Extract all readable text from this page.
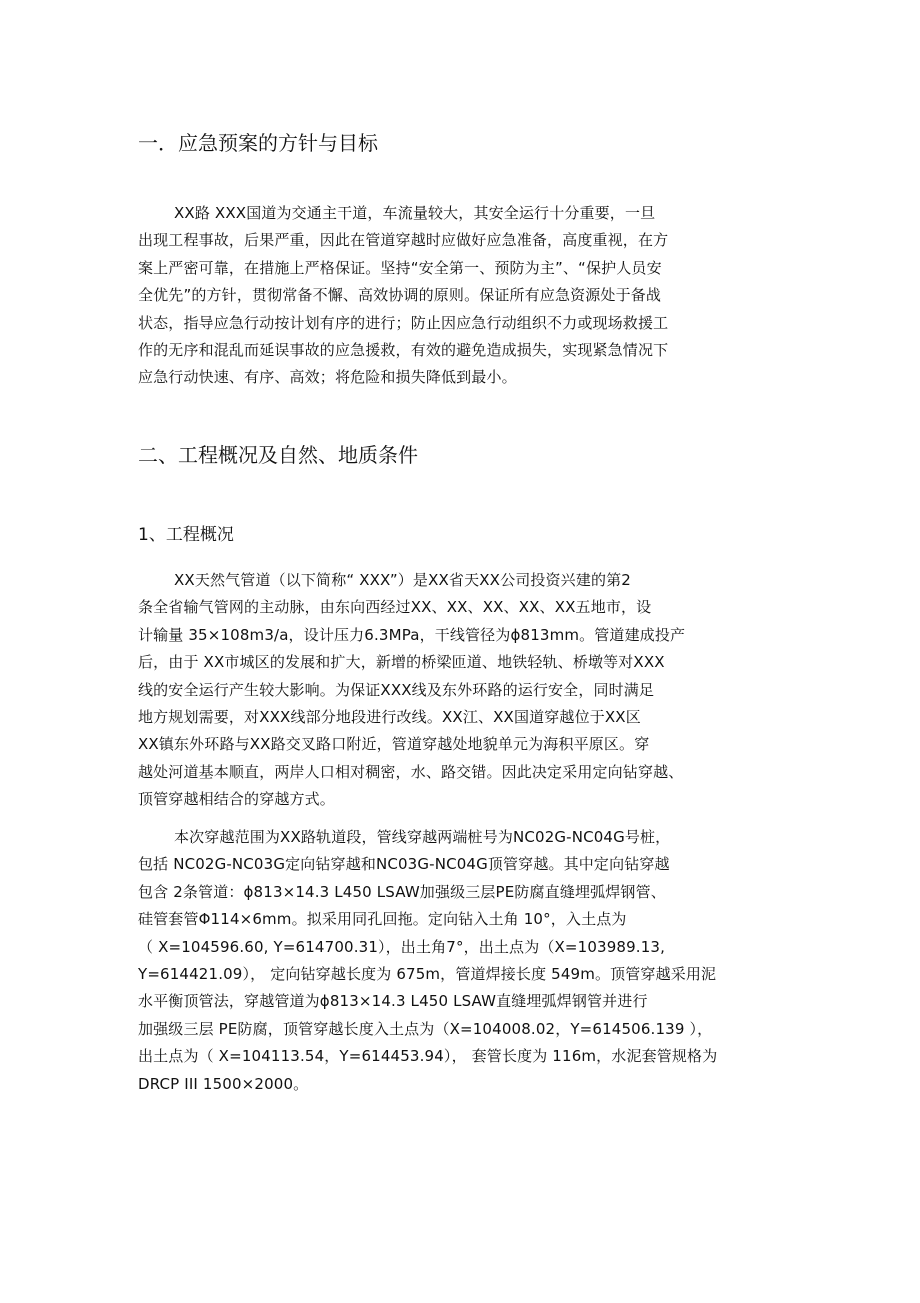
一．应急预案的方针与目标
XX路 XXX国道为交通主干道，车流量较大，其安全运行十分重要，一旦
出现工程事故，后果严重，因此在管道穿越时应做好应急准备，高度重视，在方
案上严密可靠，在措施上严格保证。坚持“安全第一、预防为主”、“保护人员安
全优先”的方针，贯彻常备不懈、高效协调的原则。保证所有应急资源处于备战
状态，指导应急行动按计划有序的进行；防止因应急行动组织不力或现场救援工
作的无序和混乱而延误事故的应急援救，有效的避免造成损失，实现紧急情况下
应急行动快速、有序、高效；将危险和损失降低到最小。
二、工程概况及自然、地质条件
1、工程概况
XX天然气管道（以下简称“ XXX”）是XX省天XX公司投资兴建的第2
条全省输气管网的主动脉，由东向西经过XX、XX、XX、XX、XX五地市，设
计输量 35×108m3/a，设计压力6.3MPa，干线管径为ϕ813mm。管道建成投产
后，由于 XX市城区的发展和扩大，新增的桥梁匝道、地铁轻轨、桥墩等对XXX
线的安全运行产生较大影响。为保证XXX线及东外环路的运行安全，同时满足
地方规划需要，对XXX线部分地段进行改线。XX江、XX国道穿越位于XX区
XX镇东外环路与XX路交叉路口附近，管道穿越处地貌单元为海积平原区。穿
越处河道基本顺直，两岸人口相对稠密，水、路交错。因此决定采用定向钻穿越、
顶管穿越相结合的穿越方式。
本次穿越范围为XX路轨道段，管线穿越两端桩号为NC02G-NC04G号桩，
包括 NC02G-NC03G定向钻穿越和NC03G-NC04G顶管穿越。其中定向钻穿越
包含 2条管道：ϕ813×14.3 L450 LSAW加强级三层PE防腐直缝埋弧焊钢管、
硅管套管Φ114×6mm。拟采用同孔回拖。定向钻入土角 10°，入土点为
（ X=104596.60, Y=614700.31），出土角7°，出土点为（X=103989.13,
Y=614421.09）， 定向钻穿越长度为 675m，管道焊接长度 549m。顶管穿越采用泥
水平衡顶管法，穿越管道为ϕ813×14.3 L450 LSAW直缝埋弧焊钢管并进行
加强级三层 PE防腐，顶管穿越长度入土点为（X=104008.02，Y=614506.139 ），
出土点为（ X=104113.54，Y=614453.94）， 套管长度为 116m，水泥套管规格为
DRCP III 1500×2000。
